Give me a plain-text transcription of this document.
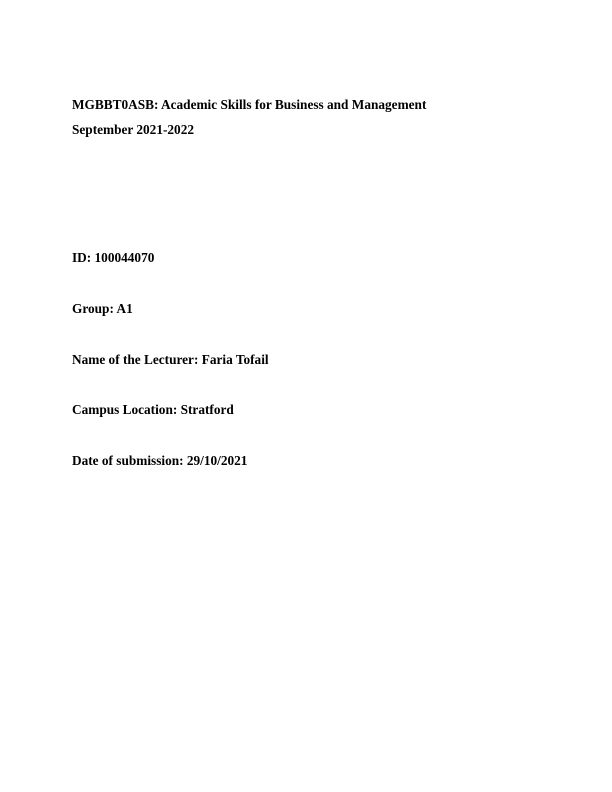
MGBBT0ASB: Academic Skills for Business and Management
September 2021-2022
ID: 100044070
Group: A1
Name of the Lecturer: Faria Tofail
Campus Location: Stratford
Date of submission: 29/10/2021
